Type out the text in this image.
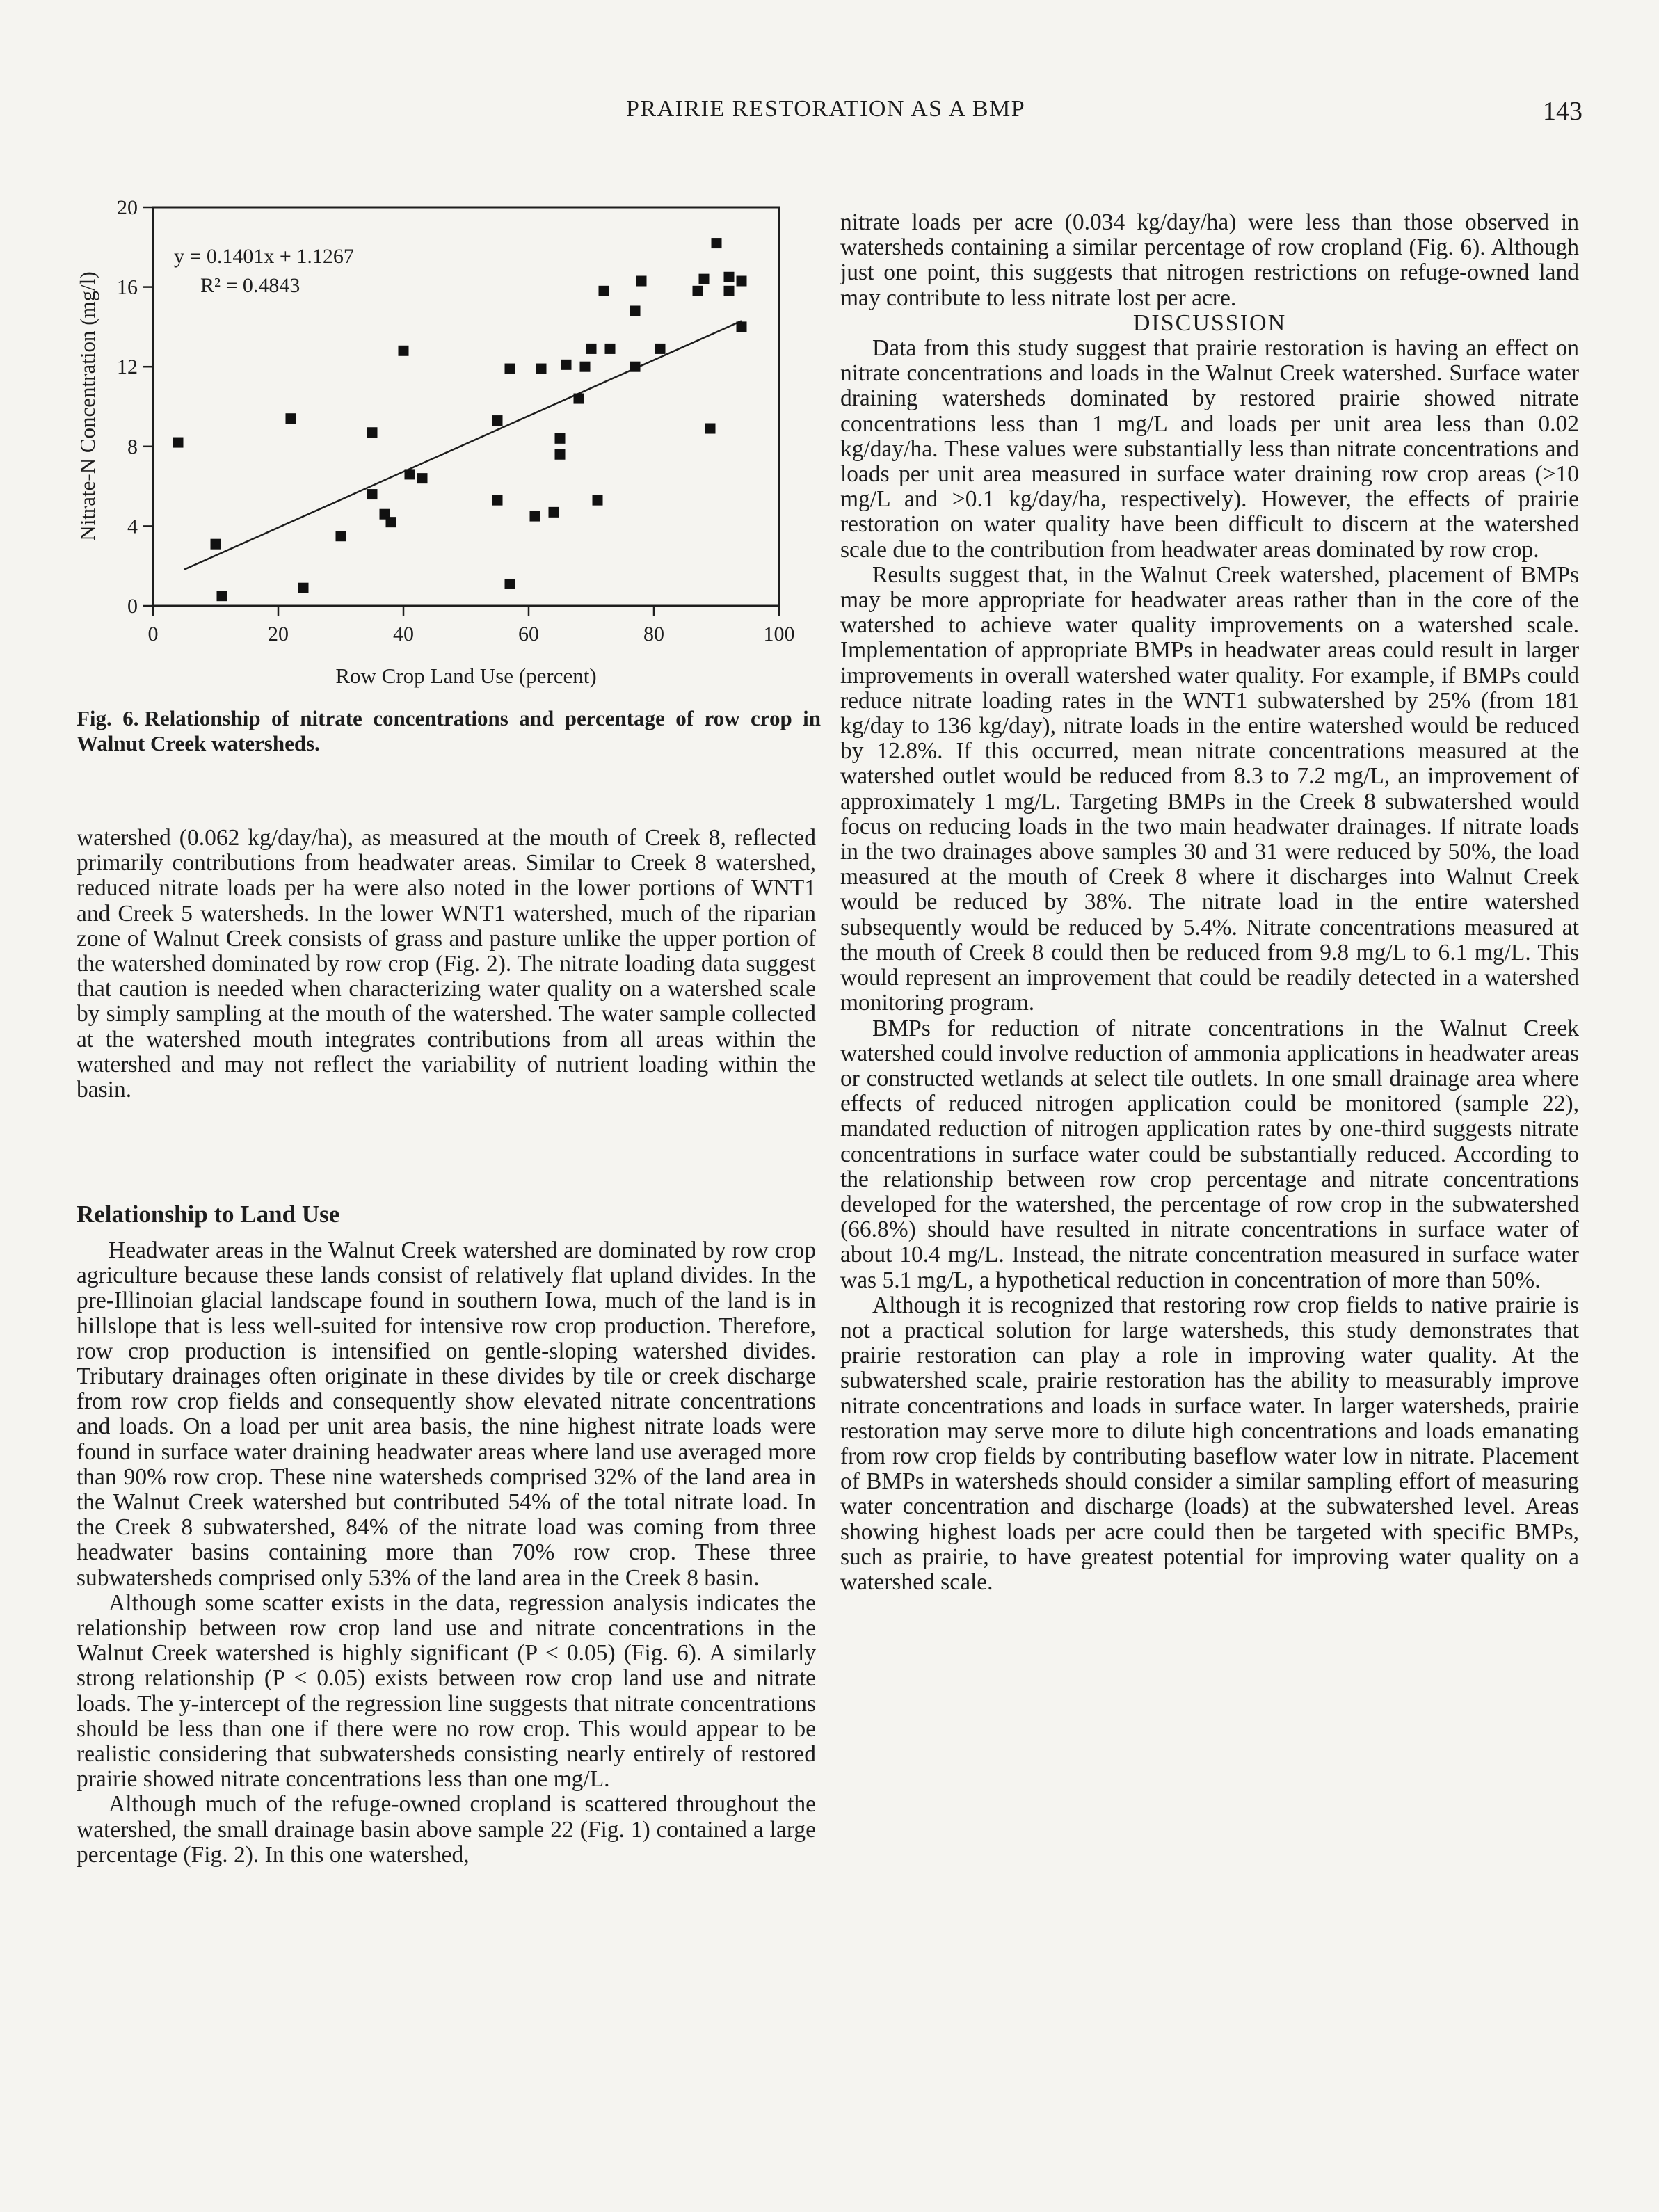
PRAIRIE RESTORATION AS A BMP	143
0
4
8
12
16
20
0	20	40	60	80	100
y = 0.1401x + 1.1267
R² = 0.4843
Row Crop Land Use (percent)
Nitrate-N Concentration (mg/l)
Fig. 6. Relationship of nitrate concentrations and percentage of row crop in Walnut Creek watersheds.

watershed (0.062 kg/day/ha), as measured at the mouth of Creek 8, reflected primarily contributions from headwater areas. Similar to Creek 8 watershed, reduced nitrate loads per ha were also noted in the lower portions of WNT1 and Creek 5 watersheds. In the lower WNT1 watershed, much of the riparian zone of Walnut Creek consists of grass and pasture unlike the upper portion of the watershed dominated by row crop (Fig. 2). The nitrate loading data suggest that caution is needed when characterizing water quality on a watershed scale by simply sampling at the mouth of the watershed. The water sample collected at the watershed mouth integrates contributions from all areas within the watershed and may not reflect the variability of nutrient loading within the basin.

Relationship to Land Use

Headwater areas in the Walnut Creek watershed are dominated by row crop agriculture because these lands consist of relatively flat upland divides. In the pre-Illinoian glacial landscape found in southern Iowa, much of the land is in hillslope that is less well-suited for intensive row crop production. Therefore, row crop production is intensified on gentle-sloping watershed divides. Tributary drainages often originate in these divides by tile or creek discharge from row crop fields and consequently show elevated nitrate concentrations and loads. On a load per unit area basis, the nine highest nitrate loads were found in surface water draining headwater areas where land use averaged more than 90% row crop. These nine watersheds comprised 32% of the land area in the Walnut Creek watershed but contributed 54% of the total nitrate load. In the Creek 8 subwatershed, 84% of the nitrate load was coming from three headwater basins containing more than 70% row crop. These three subwatersheds comprised only 53% of the land area in the Creek 8 basin.

Although some scatter exists in the data, regression analysis indicates the relationship between row crop land use and nitrate concentrations in the Walnut Creek watershed is highly significant (P < 0.05) (Fig. 6). A similarly strong relationship (P < 0.05) exists between row crop land use and nitrate loads. The y-intercept of the regression line suggests that nitrate concentrations should be less than one if there were no row crop. This would appear to be realistic considering that subwatersheds consisting nearly entirely of restored prairie showed nitrate concentrations less than one mg/L.

Although much of the refuge-owned cropland is scattered throughout the watershed, the small drainage basin above sample 22 (Fig. 1) contained a large percentage (Fig. 2). In this one watershed,

nitrate loads per acre (0.034 kg/day/ha) were less than those observed in watersheds containing a similar percentage of row cropland (Fig. 6). Although just one point, this suggests that nitrogen restrictions on refuge-owned land may contribute to less nitrate lost per acre.

DISCUSSION

Data from this study suggest that prairie restoration is having an effect on nitrate concentrations and loads in the Walnut Creek watershed. Surface water draining watersheds dominated by restored prairie showed nitrate concentrations less than 1 mg/L and loads per unit area less than 0.02 kg/day/ha. These values were substantially less than nitrate concentrations and loads per unit area measured in surface water draining row crop areas (>10 mg/L and >0.1 kg/day/ha, respectively). However, the effects of prairie restoration on water quality have been difficult to discern at the watershed scale due to the contribution from headwater areas dominated by row crop.

Results suggest that, in the Walnut Creek watershed, placement of BMPs may be more appropriate for headwater areas rather than in the core of the watershed to achieve water quality improvements on a watershed scale. Implementation of appropriate BMPs in headwater areas could result in larger improvements in overall watershed water quality. For example, if BMPs could reduce nitrate loading rates in the WNT1 subwatershed by 25% (from 181 kg/day to 136 kg/day), nitrate loads in the entire watershed would be reduced by 12.8%. If this occurred, mean nitrate concentrations measured at the watershed outlet would be reduced from 8.3 to 7.2 mg/L, an improvement of approximately 1 mg/L. Targeting BMPs in the Creek 8 subwatershed would focus on reducing loads in the two main headwater drainages. If nitrate loads in the two drainages above samples 30 and 31 were reduced by 50%, the load measured at the mouth of Creek 8 where it discharges into Walnut Creek would be reduced by 38%. The nitrate load in the entire watershed subsequently would be reduced by 5.4%. Nitrate concentrations measured at the mouth of Creek 8 could then be reduced from 9.8 mg/L to 6.1 mg/L. This would represent an improvement that could be readily detected in a watershed monitoring program.

BMPs for reduction of nitrate concentrations in the Walnut Creek watershed could involve reduction of ammonia applications in headwater areas or constructed wetlands at select tile outlets. In one small drainage area where effects of reduced nitrogen application could be monitored (sample 22), mandated reduction of nitrogen application rates by one-third suggests nitrate concentrations in surface water could be substantially reduced. According to the relationship between row crop percentage and nitrate concentrations developed for the watershed, the percentage of row crop in the subwatershed (66.8%) should have resulted in nitrate concentrations in surface water of about 10.4 mg/L. Instead, the nitrate concentration measured in surface water was 5.1 mg/L, a hypothetical reduction in concentration of more than 50%.

Although it is recognized that restoring row crop fields to native prairie is not a practical solution for large watersheds, this study demonstrates that prairie restoration can play a role in improving water quality. At the subwatershed scale, prairie restoration has the ability to measurably improve nitrate concentrations and loads in surface water. In larger watersheds, prairie restoration may serve more to dilute high concentrations and loads emanating from row crop fields by contributing baseflow water low in nitrate. Placement of BMPs in watersheds should consider a similar sampling effort of measuring water concentration and discharge (loads) at the subwatershed level. Areas showing highest loads per acre could then be targeted with specific BMPs, such as prairie, to have greatest potential for improving water quality on a watershed scale.
